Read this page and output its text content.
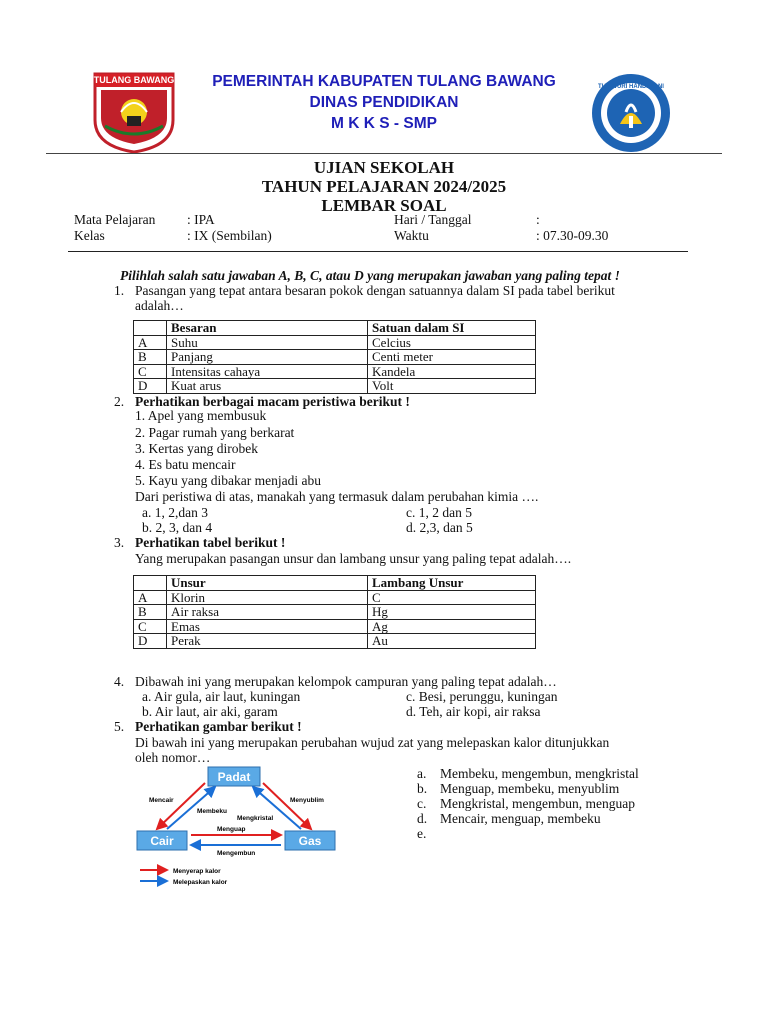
TULANG BAWANG	PEMERINTAH KABUPATEN TULANG BAWANG
DINAS PENDIDIKAN
M K K S - SMP
TUT WURI HANDAYANI
UJIAN SEKOLAH
TAHUN PELAJARAN 2024/2025
LEMBAR SOAL
Mata Pelajaran : IPA	Hari / Tanggal	:
Kelas	: IX (Sembilan)	Waktu	: 07.30-09.30
Pilihlah salah satu jawaban A, B, C, atau D yang merupakan jawaban yang paling tepat !
1. Pasangan yang tepat antara besaran pokok dengan satuannya dalam SI pada tabel berikut
adalah…
	Besaran	Satuan dalam SI
A	Suhu	Celcius
B	Panjang	Centi meter
C	Intensitas cahaya	Kandela
D	Kuat arus	Volt
2. Perhatikan berbagai macam peristiwa berikut !
1. Apel yang membusuk
2. Pagar rumah yang berkarat
3. Kertas yang dirobek
4. Es batu mencair
5. Kayu yang dibakar menjadi abu
Dari peristiwa di atas, manakah yang termasuk dalam perubahan kimia ….
a. 1, 2,dan 3
b. 2, 3, dan 4
c. 1, 2 dan 5
d. 2,3, dan 5
3. Perhatikan tabel berikut !
Yang merupakan pasangan unsur dan lambang unsur yang paling tepat adalah….
	Unsur	Lambang Unsur
A	Klorin	C
B	Air raksa	Hg
C	Emas	Ag
D	Perak	Au
4. Dibawah ini yang merupakan kelompok campuran yang paling tepat adalah…
a. Air gula, air laut, kuningan
b. Air laut, air aki, garam
c. Besi, perunggu, kuningan
d. Teh, air kopi, air raksa
5. Perhatikan gambar berikut !
Di bawah ini yang merupakan perubahan wujud zat yang melepaskan kalor ditunjukkan
oleh nomor…
a. Membeku, mengembun, mengkristal
b. Menguap, membeku, menyublim
c. Mengkristal, mengembun, menguap
d. Mencair, menguap, membeku
e.
Padat
Cair	Gas
Mencair
Membeku
Menyublim
Mengkristal
Menguap
Mengembun
Menyerap kalor
Melepaskan kalor
